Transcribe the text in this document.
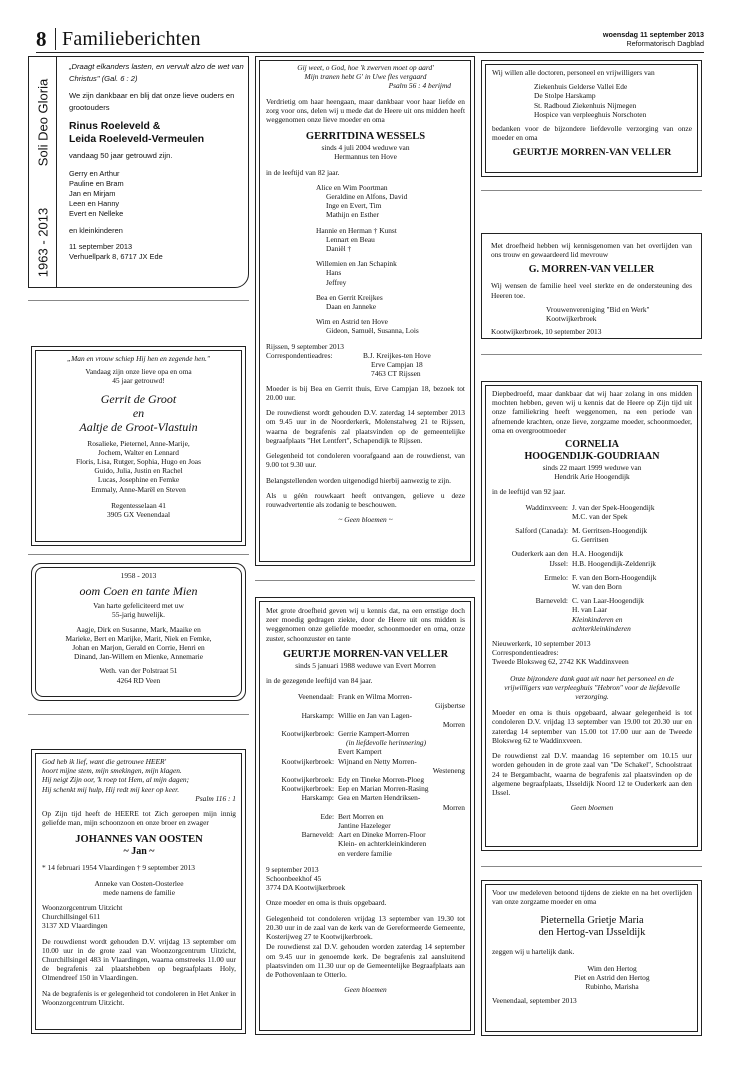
8 Familieberichten	woensdag 11 september 2013
Reformatorisch Dagblad
1963 - 2013
Soli Deo Gloria
„Draagt elkanders lasten, en vervult alzo de wet van Christus" (Gal. 6 : 2)
We zijn dankbaar en blij dat onze lieve ouders en grootouders
Rinus Roeleveld &
Leida Roeleveld-Vermeulen
vandaag 50 jaar getrouwd zijn.
Gerry en Arthur
Pauline en Bram
Jan en Mirjam
Leen en Hanny
Evert en Nelleke
en kleinkinderen
11 september 2013
Verhuellpark 8, 6717 JX Ede
„Man en vrouw schiep Hij hen en zegende hen."
Vandaag zijn onze lieve opa en oma
45 jaar getrouwd!
Gerrit de Groot
en
Aaltje de Groot-Vlastuin
Rosalieke, Pieternel, Anne-Marije,
Jochem, Walter en Lennard
Floris, Lisa, Rutger, Sophia, Hugo en Joas
Guido, Julia, Justin en Rachel
Lucas, Josephine en Femke
Emmaly, Anne-Marël en Steven
Regentesselaan 41
3905 GX Veenendaal
1958 - 2013
oom Coen en tante Mien
Van harte gefeliciteerd met uw
55-jarig huwelijk.
Aagje, Dirk en Susanne, Mark, Maaike en
Marieke, Bert en Marijke, Marit, Niek en Femke,
Johan en Marjon, Gerald en Corrie, Henri en
Dinand, Jan-Willem en Mienke, Annemarie
Weth. van der Polstraat 51
4264 RD Veen
God heb ik lief, want die getrouwe HEER'
hoort mijne stem, mijn smekingen, mijn klagen.
Hij neigt Zijn oor, 'k roep tot Hem, al mijn dagen;
Hij schenkt mij hulp, Hij redt mij keer op keer.
Psalm 116 : 1
Op Zijn tijd heeft de HEERE tot Zich geroepen mijn innig geliefde man, mijn schoonzoon en onze broer en zwager
JOHANNES VAN OOSTEN
~ Jan ~
* 14 februari 1954 Vlaardingen † 9 september 2013
Anneke van Oosten-Oosterlee
mede namens de familie
Woonzorgcentrum Uitzicht
Churchillsingel 611
3137 XD Vlaardingen
De rouwdienst wordt gehouden D.V. vrijdag 13 september om 10.00 uur in de grote zaal van Woonzorgcentrum Uitzicht, Churchillsingel 483 in Vlaardingen, waarna omstreeks 11.00 uur de begrafenis zal plaatshebben op begraafplaats Holy, Olmendreef 150 in Vlaardingen.
Na de begrafenis is er gelegenheid tot condoleren in Het Anker in Woonzorgcentrum Uitzicht.
Gij weet, o God, hoe 'k zwerven moet op aard'
Mijn tranen hebt G' in Uwe fles vergaard
Psalm 56 : 4 berijmd
Verdrietig om haar heengaan, maar dankbaar voor haar liefde en zorg voor ons, delen wij u mede dat de Heere uit ons midden heeft weggenomen onze lieve moeder en oma
GERRITDINA WESSELS
sinds 4 juli 2004 weduwe van
Hermannus ten Hove
in de leeftijd van 82 jaar.
Alice en Wim Poortman
Geraldine en Alfons, David
Inge en Evert, Tim
Mathijn en Esther
Hannie en Herman † Kunst
Lennart en Beau
Daniël †
Willemien en Jan Schapink
Hans
Jeffrey
Bea en Gerrit Kreijkes
Daan en Janneke
Wim en Astrid ten Hove
Gideon, Samuël, Susanna, Lois
Rijssen, 9 september 2013
Correspondentieadres:	B.J. Kreijkes-ten Hove
Erve Campjan 18
7463 CT Rijssen
Moeder is bij Bea en Gerrit thuis, Erve Campjan 18, bezoek tot 20.00 uur.
De rouwdienst wordt gehouden D.V. zaterdag 14 september 2013 om 9.45 uur in de Noorderkerk, Molenstalweg 21 te Rijssen, waarna de begrafenis zal plaatsvinden op de gemeentelijke begraafplaats "Het Lentfert", Schapendijk te Rijssen.
Gelegenheid tot condoleren voorafgaand aan de rouwdienst, van 9.00 tot 9.30 uur.
Belangstellenden worden uitgenodigd hierbij aanwezig te zijn.
Als u géén rouwkaart heeft ontvangen, gelieve u deze rouwadvertentie als zodanig te beschouwen.
~ Geen bloemen ~
Met grote droefheid geven wij u kennis dat, na een ernstige doch zeer moedig gedragen ziekte, door de Heere uit ons midden is weggenomen onze geliefde moeder, schoonmoeder en oma, onze zuster, schoonzuster en tante
GEURTJE MORREN-VAN VELLER
sinds 5 januari 1988 weduwe van Evert Morren
in de gezegende leeftijd van 84 jaar.
Veenendaal:	Frank en Wilma Morren-
	Gijsbertse
Harskamp:	Willie en Jan van Lagen-
	Morren
Kootwijkerbroek:	Gerrie Kampert-Morren
	(in liefdevolle herinnering)
	Evert Kampert
Kootwijkerbroek:	Wijnand en Netty Morren-
	Westeneng
Kootwijkerbroek:	Edy en Tineke Morren-Ploeg
Kootwijkerbroek:	Eep en Marian Morren-Rasing
Harskamp:	Gea en Marten Hendriksen-
	Morren
Ede:	Bert Morren en
	Jantine Hazeleger
Barneveld:	Aart en Dineke Morren-Floor
	Klein- en achterkleinkinderen
	en verdere familie
9 september 2013
Schoonbeekhof 45
3774 DA Kootwijkerbroek
Onze moeder en oma is thuis opgebaard.
Gelegenheid tot condoleren vrijdag 13 september van 19.30 tot 20.30 uur in de zaal van de kerk van de Gereformeerde Gemeente, Kosterijweg 27 te Kootwijkerbroek.
De rouwdienst zal D.V. gehouden worden zaterdag 14 september om 9.45 uur in genoemde kerk. De begrafenis zal aansluitend plaatsvinden om 11.30 uur op de Gemeentelijke Begraafplaats aan de Pothovenlaan te Otterlo.
Geen bloemen
Wij willen alle doctoren, personeel en vrijwilligers van
Ziekenhuis Gelderse Vallei Ede
De Stolpe Harskamp
St. Radboud Ziekenhuis Nijmegen
Hospice van verpleeghuis Norschoten
bedanken voor de bijzondere liefdevolle verzorging van onze moeder en oma
GEURTJE MORREN-VAN VELLER
Met droefheid hebben wij kennisgenomen van het overlijden van ons trouw en gewaardeerd lid mevrouw
G. MORREN-VAN VELLER
Wij wensen de familie heel veel sterkte en de ondersteuning des Heeren toe.
Vrouwenvereniging "Bid en Werk"
Kootwijkerbroek
Kootwijkerbroek, 10 september 2013
Diepbedroefd, maar dankbaar dat wij haar zolang in ons midden mochten hebben, geven wij u kennis dat de Heere op Zijn tijd uit onze familiekring heeft weggenomen, na een periode van afnemende krachten, onze lieve, zorgzame moeder, schoonmoeder, oma en overgrootmoeder
CORNELIA
HOOGENDIJK-GOUDRIAAN
sinds 22 maart 1999 weduwe van
Hendrik Arie Hoogendijk
in de leeftijd van 92 jaar.
Waddinxveen:	J. van der Spek-Hoogendijk
M.C. van der Spek

Salford (Canada):	M. Gerritsen-Hoogendijk
G. Gerritsen

Ouderkerk aan den IJssel:	H.A. Hoogendijk
H.B. Hoogendijk-Zeldenrijk

Ermelo:	F. van den Born-Hoogendijk
W. van den Born

Barneveld:	C. van Laar-Hoogendijk
H. van Laar
Kleinkinderen en
achterkleinkinderen
Nieuwerkerk, 10 september 2013
Correspondentieadres:
Tweede Bloksweg 62, 2742 KK Waddinxveen
Onze bijzondere dank gaat uit naar het personeel en de vrijwilligers van verpleeghuis "Hebron" voor de liefdevolle verzorging.
Moeder en oma is thuis opgebaard, alwaar gelegenheid is tot condoleren D.V. vrijdag 13 september van 19.00 tot 20.30 uur en zaterdag 14 september van 15.00 tot 17.00 uur aan de Tweede Bloksweg 62 te Waddinxveen.
De rouwdienst zal D.V. maandag 16 september om 10.15 uur worden gehouden in de grote zaal van "De Schakel", Schoolstraat 24 te Bergambacht, waarna de begrafenis zal plaatsvinden op de algemene begraafplaats, IJsseldijk Noord 12 te Ouderkerk aan den IJssel.
Geen bloemen
Voor uw medeleven betoond tijdens de ziekte en na het overlijden van onze zorgzame moeder en oma
Pieternella Grietje Maria
den Hertog-van IJsseldijk
zeggen wij u hartelijk dank.
Wim den Hertog
Piet en Astrid den Hertog
Rubinho, Marisha
Veenendaal, september 2013
